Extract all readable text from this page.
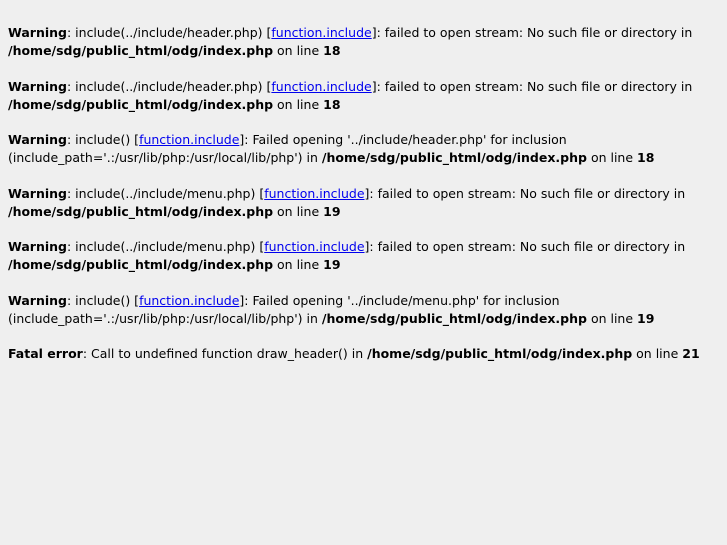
Warning: include(../include/header.php) [function.include]: failed to open stream: No such file or directory in /home/sdg/public_html/odg/index.php on line 18
Warning: include(../include/header.php) [function.include]: failed to open stream: No such file or directory in /home/sdg/public_html/odg/index.php on line 18
Warning: include() [function.include]: Failed opening '../include/header.php' for inclusion (include_path='.:/usr/lib/php:/usr/local/lib/php') in /home/sdg/public_html/odg/index.php on line 18
Warning: include(../include/menu.php) [function.include]: failed to open stream: No such file or directory in /home/sdg/public_html/odg/index.php on line 19
Warning: include(../include/menu.php) [function.include]: failed to open stream: No such file or directory in /home/sdg/public_html/odg/index.php on line 19
Warning: include() [function.include]: Failed opening '../include/menu.php' for inclusion (include_path='.:/usr/lib/php:/usr/local/lib/php') in /home/sdg/public_html/odg/index.php on line 19
Fatal error: Call to undefined function draw_header() in /home/sdg/public_html/odg/index.php on line 21
